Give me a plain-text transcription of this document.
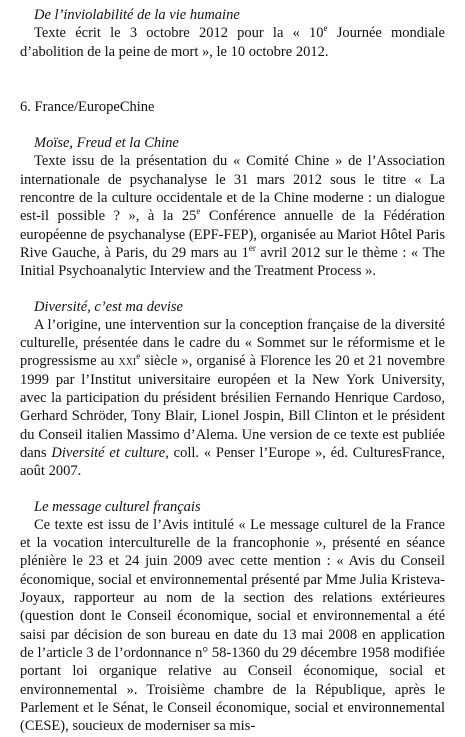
De l’inviolabilité de la vie humaine

Texte écrit le 3 octobre 2012 pour la « 10e Journée mondiale d’abolition de la peine de mort », le 10 octobre 2012.

6. France/EuropeChine

Moïse, Freud et la Chine

Texte issu de la présentation du « Comité Chine » de l’Association internationale de psychanalyse le 31 mars 2012 sous le titre « La rencontre de la culture occidentale et de la Chine moderne : un dialogue est-il possible ? », à la 25e Conférence annuelle de la Fédération européenne de psychanalyse (EPF-FEP), organisée au Mariot Hôtel Paris Rive Gauche, à Paris, du 29 mars au 1er avril 2012 sur le thème : « The Initial Psychoanalytic Interview and the Treatment Process ».

Diversité, c’est ma devise

A l’origine, une intervention sur la conception française de la diversité culturelle, présentée dans le cadre du « Sommet sur le réformisme et le progressisme au xxi$^e$ siècle », organisé à Florence les 20 et 21 novembre 1999 par l’Institut universitaire européen et la New York University, avec la participation du président brésilien Fernando Henrique Cardoso, Gerhard Schröder, Tony Blair, Lionel Jospin, Bill Clinton et le président du Conseil italien Massimo d’Alema. Une version de ce texte est publiée dans Diversité et culture, coll. « Penser l’Europe », éd. CulturesFrance, août 2007.

Le message culturel français

Ce texte est issu de l’Avis intitulé « Le message culturel de la France et la vocation interculturelle de la francophonie », présenté en séance plénière le 23 et 24 juin 2009 avec cette mention : « Avis du Conseil économique, social et environnemental présenté par Mme Julia Kristeva-Joyaux, rapporteur au nom de la section des relations extérieures (question dont le Conseil économique, social et environnemental a été saisi par décision de son bureau en date du 13 mai 2008 en application de l’article 3 de l’ordonnance n° 58-1360 du 29 décembre 1958 modifiée portant loi organique relative au Conseil économique, social et environnemental ». Troisième chambre de la République, après le Parlement et le Sénat, le Conseil économique, social et environnemental (CESE), soucieux de moderniser sa mis-
